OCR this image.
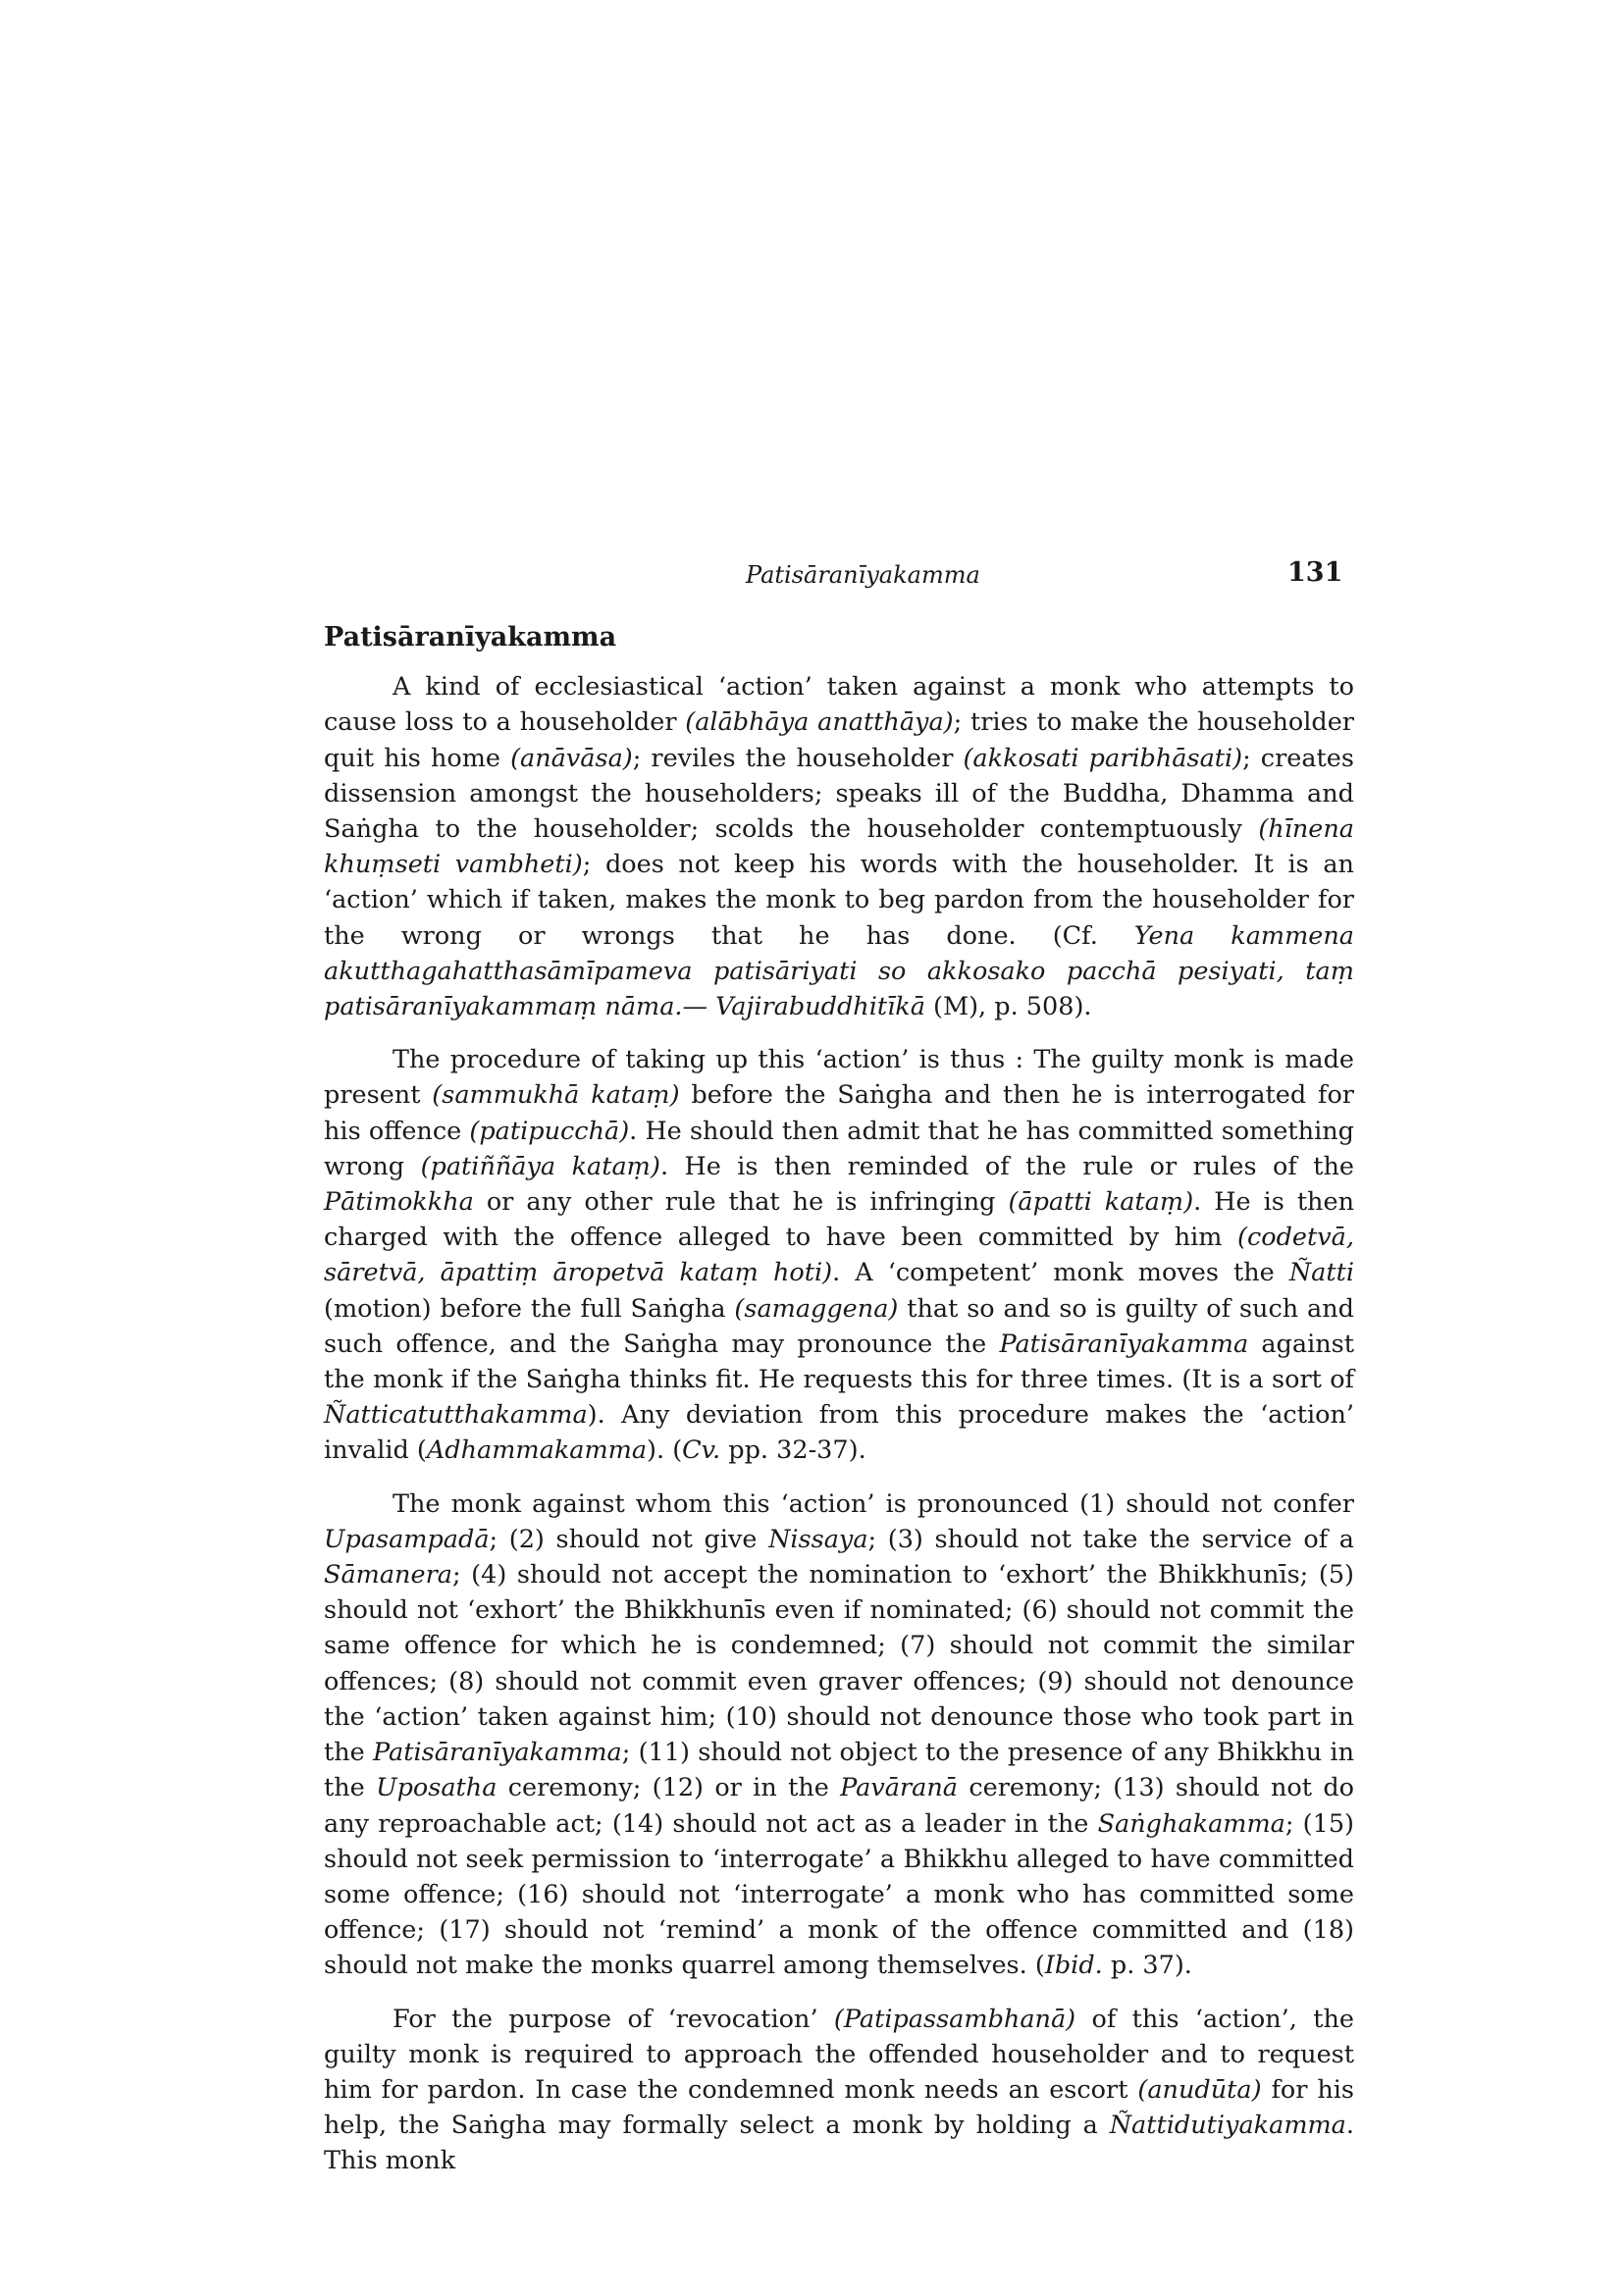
Patisāranīyakamma	131
Patisāranīyakamma

A kind of ecclesiastical ‘action’ taken against a monk who attempts to cause loss to a householder (alābhāya anatthāya); tries to make the householder quit his home (anāvāsa); reviles the householder (akkosati paribhāsati); creates dissension amongst the householders; speaks ill of the Buddha, Dhamma and Saṅgha to the householder; scolds the householder contemptuously (hīnena khuṃseti vambheti); does not keep his words with the householder. It is an ‘action’ which if taken, makes the monk to beg pardon from the householder for the wrong or wrongs that he has done. (Cf. Yena kammena akutthagahatthasāmīpameva patisāriyati so akkosako pacchā pesiyati, taṃ patisāranīyakammaṃ nāma.— Vajirabuddhitīkā (M), p. 508).

The procedure of taking up this ‘action’ is thus : The guilty monk is made present (sammukhā kataṃ) before the Saṅgha and then he is interrogated for his offence (patipucchā). He should then admit that he has committed something wrong (patiññāya kataṃ). He is then reminded of the rule or rules of the Pātimokkha or any other rule that he is infringing (āpatti kataṃ). He is then charged with the offence alleged to have been committed by him (codetvā, sāretvā, āpattiṃ āropetvā kataṃ hoti). A ‘competent’ monk moves the Ñatti (motion) before the full Saṅgha (samaggena) that so and so is guilty of such and such offence, and the Saṅgha may pronounce the Patisāranīyakamma against the monk if the Saṅgha thinks fit. He requests this for three times. (It is a sort of Ñatticatutthakamma). Any deviation from this procedure makes the ‘action’ invalid (Adhammakamma). (Cv. pp. 32-37).

The monk against whom this ‘action’ is pronounced (1) should not confer Upasampadā; (2) should not give Nissaya; (3) should not take the service of a Sāmanera; (4) should not accept the nomination to ‘exhort’ the Bhikkhunīs; (5) should not ‘exhort’ the Bhikkhunīs even if nominated; (6) should not commit the same offence for which he is condemned; (7) should not commit the similar offences; (8) should not commit even graver offences; (9) should not denounce the ‘action’ taken against him; (10) should not denounce those who took part in the Patisāranīyakamma; (11) should not object to the presence of any Bhikkhu in the Uposatha ceremony; (12) or in the Pavāranā ceremony; (13) should not do any reproachable act; (14) should not act as a leader in the Saṅghakamma; (15) should not seek permission to ‘interrogate’ a Bhikkhu alleged to have committed some offence; (16) should not ‘interrogate’ a monk who has committed some offence; (17) should not ‘remind’ a monk of the offence committed and (18) should not make the monks quarrel among themselves. (Ibid. p. 37).

For the purpose of ‘revocation’ (Patipassambhanā) of this ‘action’, the guilty monk is required to approach the offended householder and to request him for pardon. In case the condemned monk needs an escort (anudūta) for his help, the Saṅgha may formally select a monk by holding a Ñattidutiyakamma. This monk
